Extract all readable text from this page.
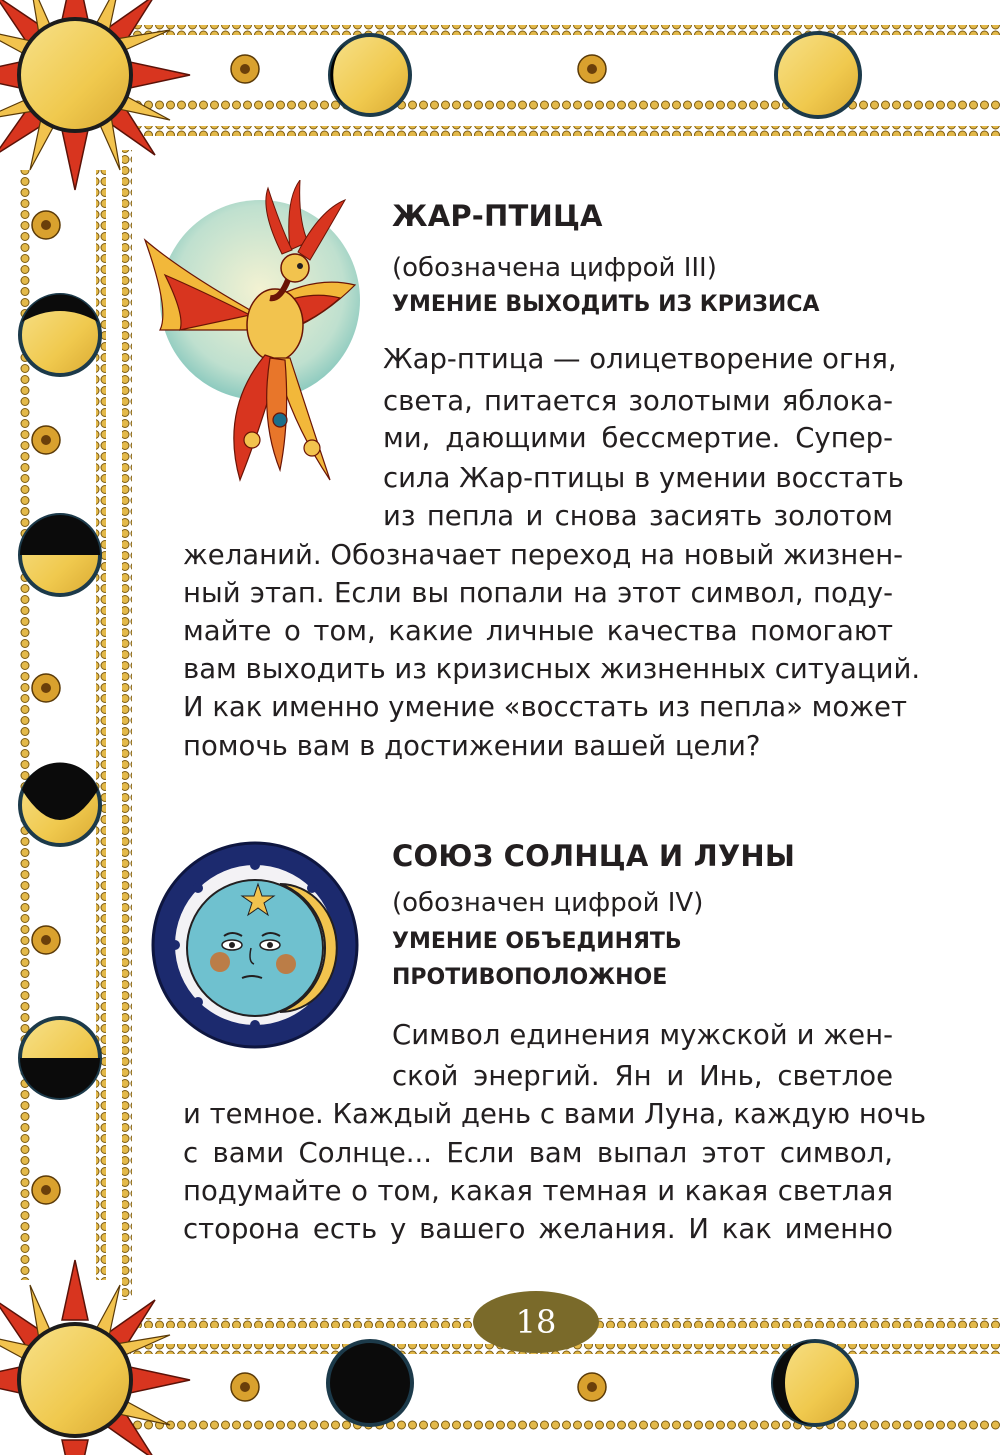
ЖАР-ПТИЦА

(обозначена цифрой III)

УМЕНИЕ ВЫХОДИТЬ ИЗ КРИЗИСА

Жар-птица — олицетворение огня,

света, питается золотыми яблока-

ми, дающими бессмертие. Супер-

сила Жар-птицы в умении восстать

из пепла и снова засиять золотом

желаний. Обозначает переход на новый жизнен-

ный этап. Если вы попали на этот символ, поду-

майте о том, какие личные качества помогают

вам выходить из кризисных жизненных ситуаций.

И как именно умение «восстать из пепла» может

помочь вам в достижении вашей цели?

СОЮЗ СОЛНЦА И ЛУНЫ

(обозначен цифрой IV)

УМЕНИЕ ОБЪЕДИНЯТЬ

ПРОТИВОПОЛОЖНОЕ

Символ единения мужской и жен-

ской энергий. Ян и Инь, светлое

и темное. Каждый день с вами Луна, каждую ночь

с вами Солнце... Если вам выпал этот символ,

подумайте о том, какая темная и какая светлая

сторона есть у вашего желания. И как именно

18
